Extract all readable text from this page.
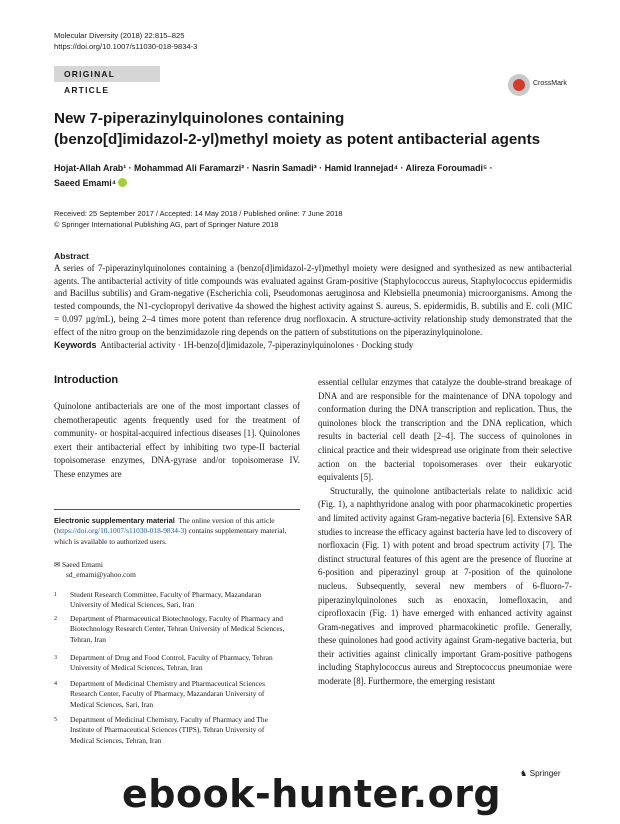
Molecular Diversity (2018) 22:815–825
https://doi.org/10.1007/s11030-018-9834-3
ORIGINAL ARTICLE
CrossMark
New 7-piperazinylquinolones containing
(benzo[d]imidazol-2-yl)methyl moiety as potent antibacterial agents
Hojat-Allah Arab¹ · Mohammad Ali Faramarzi² · Nasrin Samadi³ · Hamid Irannejad⁴ · Alireza Foroumadi⁵ ·
Saeed Emami⁴
Received: 25 September 2017 / Accepted: 14 May 2018 / Published online: 7 June 2018
© Springer International Publishing AG, part of Springer Nature 2018
Abstract
A series of 7-piperazinylquinolones containing a (benzo[d]imidazol-2-yl)methyl moiety were designed and synthesized as new antibacterial agents. The antibacterial activity of title compounds was evaluated against Gram-positive (Staphylococcus aureus, Staphylococcus epidermidis and Bacillus subtilis) and Gram-negative (Escherichia coli, Pseudomonas aeruginosa and Klebsiella pneumonia) microorganisms. Among the tested compounds, the N1-cyclopropyl derivative 4a showed the highest activity against S. aureus, S. epidermidis, B. subtilis and E. coli (MIC = 0.097 µg/mL), being 2–4 times more potent than reference drug norfloxacin. A structure-activity relationship study demonstrated that the effect of the nitro group on the benzimidazole ring depends on the pattern of substitutions on the piperazinylquinolone.
Keywords Antibacterial activity · 1H-benzo[d]imidazole, 7-piperazinylquinolones · Docking study
Introduction

Quinolone antibacterials are one of the most important classes of chemotherapeutic agents frequently used for the treatment of community- or hospital-acquired infectious diseases [1]. Quinolones exert their antibacterial effect by inhibiting two type-II bacterial topoisomerase enzymes, DNA-gyrase and/or topoisomerase IV. These enzymes are

Electronic supplementary material The online version of this article (https://doi.org/10.1007/s11030-018-9834-3) contains supplementary material, which is available to authorized users.
✉ Saeed Emami
sd_emami@yahoo.com
1 Student Research Committee, Faculty of Pharmacy, Mazandaran University of Medical Sciences, Sari, Iran
2 Department of Pharmaceutical Biotechnology, Faculty of Pharmacy and Biotechnology Research Center, Tehran University of Medical Sciences, Tehran, Iran
3 Department of Drug and Food Control, Faculty of Pharmacy, Tehran University of Medical Sciences, Tehran, Iran
4 Department of Medicinal Chemistry and Pharmaceutical Sciences Research Center, Faculty of Pharmacy, Mazandaran University of Medical Sciences, Sari, Iran
5 Department of Medicinal Chemistry, Faculty of Pharmacy and The Institute of Pharmaceutical Sciences (TIPS), Tehran University of Medical Sciences, Tehran, Iran

essential cellular enzymes that catalyze the double-strand breakage of DNA and are responsible for the maintenance of DNA topology and conformation during the DNA transcription and replication. Thus, the quinolones block the transcription and the DNA replication, which results in bacterial cell death [2–4]. The success of quinolones in clinical practice and their widespread use originate from their selective action on the bacterial topoisomerases over their eukaryotic equivalents [5].

Structurally, the quinolone antibacterials relate to nalidixic acid (Fig. 1), a naphthyridone analog with poor pharmacokinetic properties and limited activity against Gram-negative bacteria [6]. Extensive SAR studies to increase the efficacy against bacteria have led to discovery of norfloxacin (Fig. 1) with potent and broad spectrum activity [7]. The distinct structural features of this agent are the presence of fluorine at 6-position and piperazinyl group at 7-position of the quinolone nucleus. Subsequently, several new members of 6-fluoro-7-piperazinylquinolones such as enoxacin, lomefloxacin, and ciprofloxacin (Fig. 1) have emerged with enhanced activity against Gram-negatives and improved pharmacokinetic profile. Generally, these quinolones had good activity against Gram-negative bacteria, but their activities against clinically important Gram-positive pathogens including Staphylococcus aureus and Streptococcus pneumoniae were moderate [8]. Furthermore, the emerging resistant

♞ Springer
ebook-hunter.org
